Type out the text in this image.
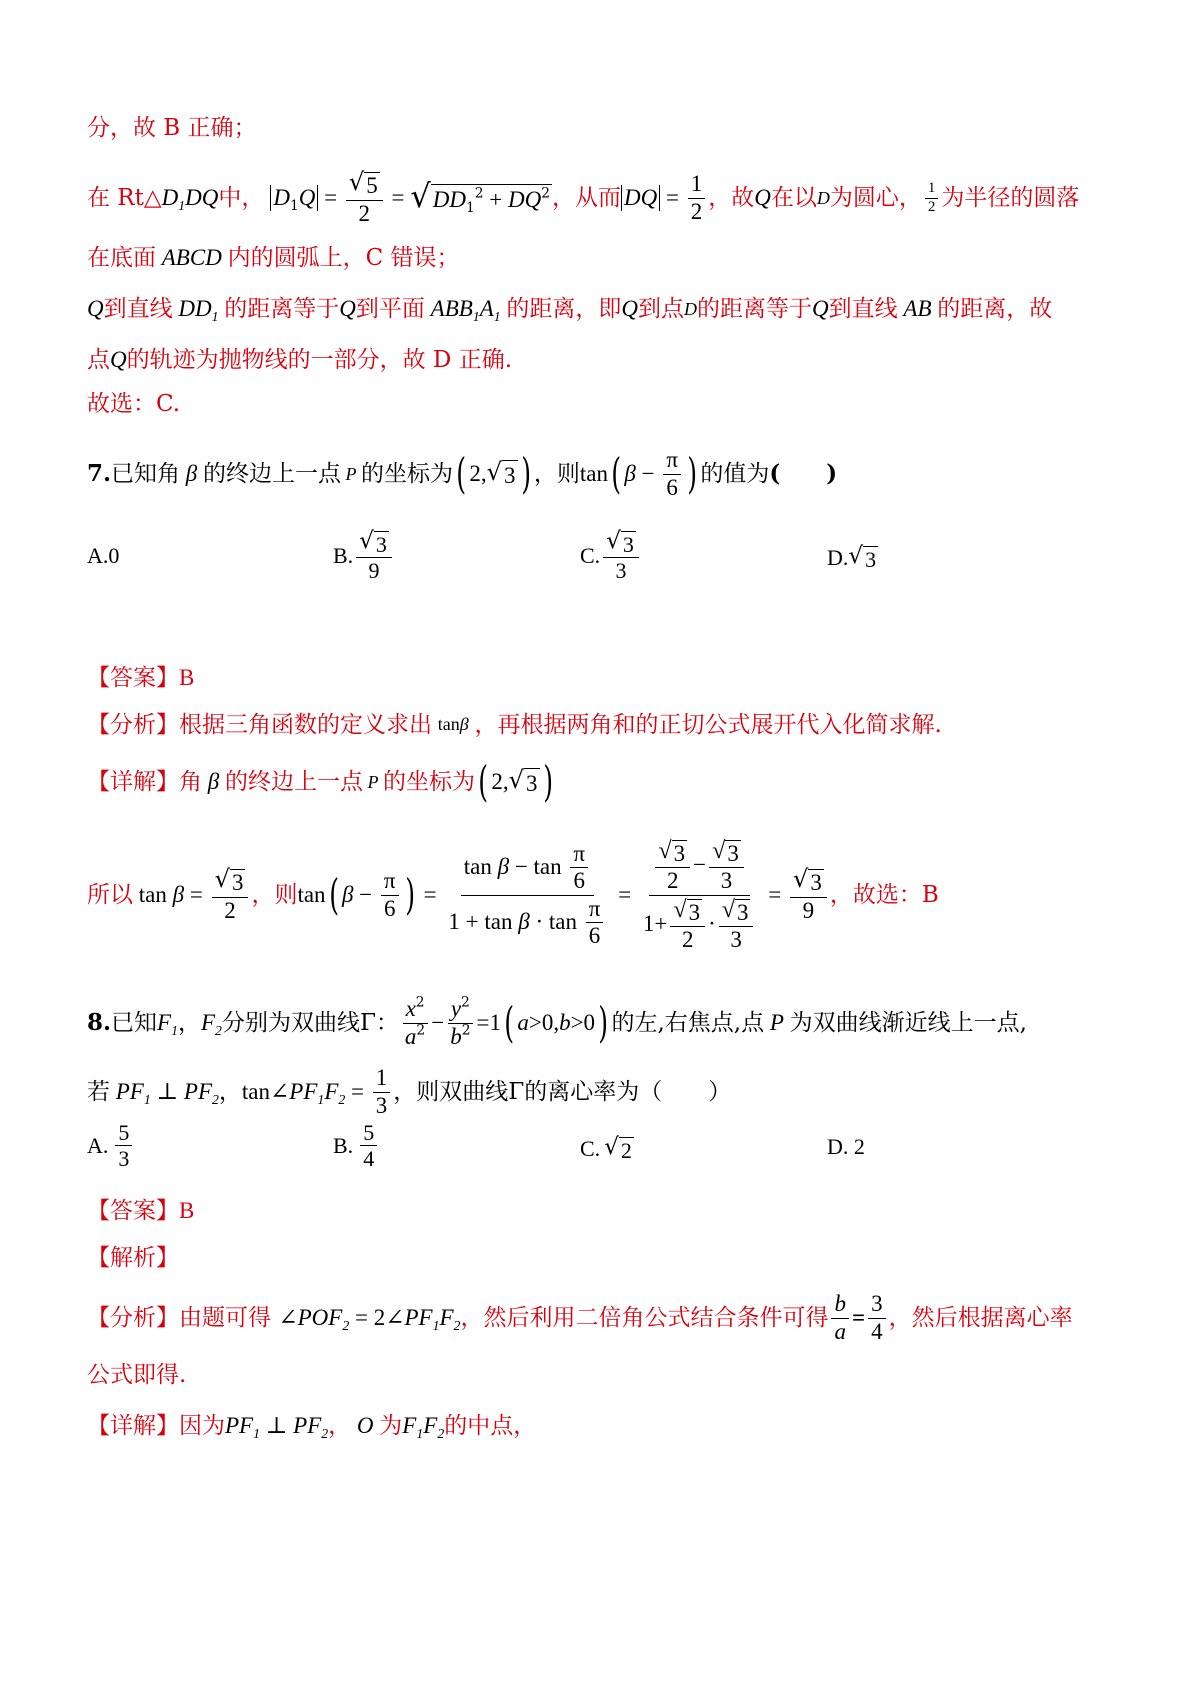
分，故 B 正确；
在 Rt△ $D_1DQ$ 中， $D_1Q = \frac{√ 5}{2}$ = √ $DD_1^2 + DQ^2$ ，从而 DQ = $\frac{1}{2}$ ，故 Q 在以 D 为圆心， $\frac{1}{2}$ 为半径的圆落
在底面 ABCD 内的圆弧上，C 错误；
Q 到直线 $DD_1$ 的距离等于 Q 到平面 $ABB_1A_1$ 的距离，即 Q 到点 D 的距离等于 Q 到直线 AB 的距离，故
点 Q 的轨迹为抛物线的一部分，故 D 正确.
故选：C.
7. 已知角 β 的终边上一点 P 的坐标为 ( 2, √ 3 ) ，则 tan ( $\beta - \frac{\pi}{6}$ ) 的值为 (　　)
A.0	B. $\frac{√ 3}{9}$	C. $\frac{√ 3}{3}$	D. √ 3
【答案】 B
【分析】 根据三角函数的定义求出 tanβ ，再根据两角和的正切公式展开代入化简求解.
【详解】 角 β 的终边上一点 P 的坐标为 ( 2, √ 3 )
所以 $\tan \beta = \frac{√ 3}{2}$ ，则 tan ( $\beta - \frac{\pi}{6}$ ) = $\frac{\tan \beta - \tan \frac{\pi}{6}}{1 + \tan \beta \cdot \tan \frac{\pi}{6}} = \frac{\frac{√ 3}{2} - \frac{√ 3}{3}}{1+ \frac{√ 3}{2} \cdot \frac{√ 3}{3}} = \frac{√ 3}{9}$ ，故选：B
8. 已知 $F_1$ ， $F_2$ 分别为双曲线Γ： $\frac{x^2}{a^2} - \frac{y^2}{b^2} =1$ ( a >0, b >0 ) 的左,右焦点,点 P 为双曲线渐近线上一点,
若 $PF_1$ ⊥ $PF_2$ ， tan∠ $PF_1F_2 = \frac{1}{3}$ ，则双曲线Γ的离心率为（　　）
A. $\frac{5}{3}$	B. $\frac{5}{4}$	C. √ 2	D. 2
【答案】 B
【解析】
【分析】 由题可得 $\angle POF_2$ = $2\angle PF_1F_2$ ，然后利用二倍角公式结合条件可得 $\frac{b}{a} = \frac{3}{4}$ ，然后根据离心率
公式即得.
【详解】 因为 $PF_1$ ⊥ $PF_2$ ， O 为 $F_1F_2$ 的中点，
